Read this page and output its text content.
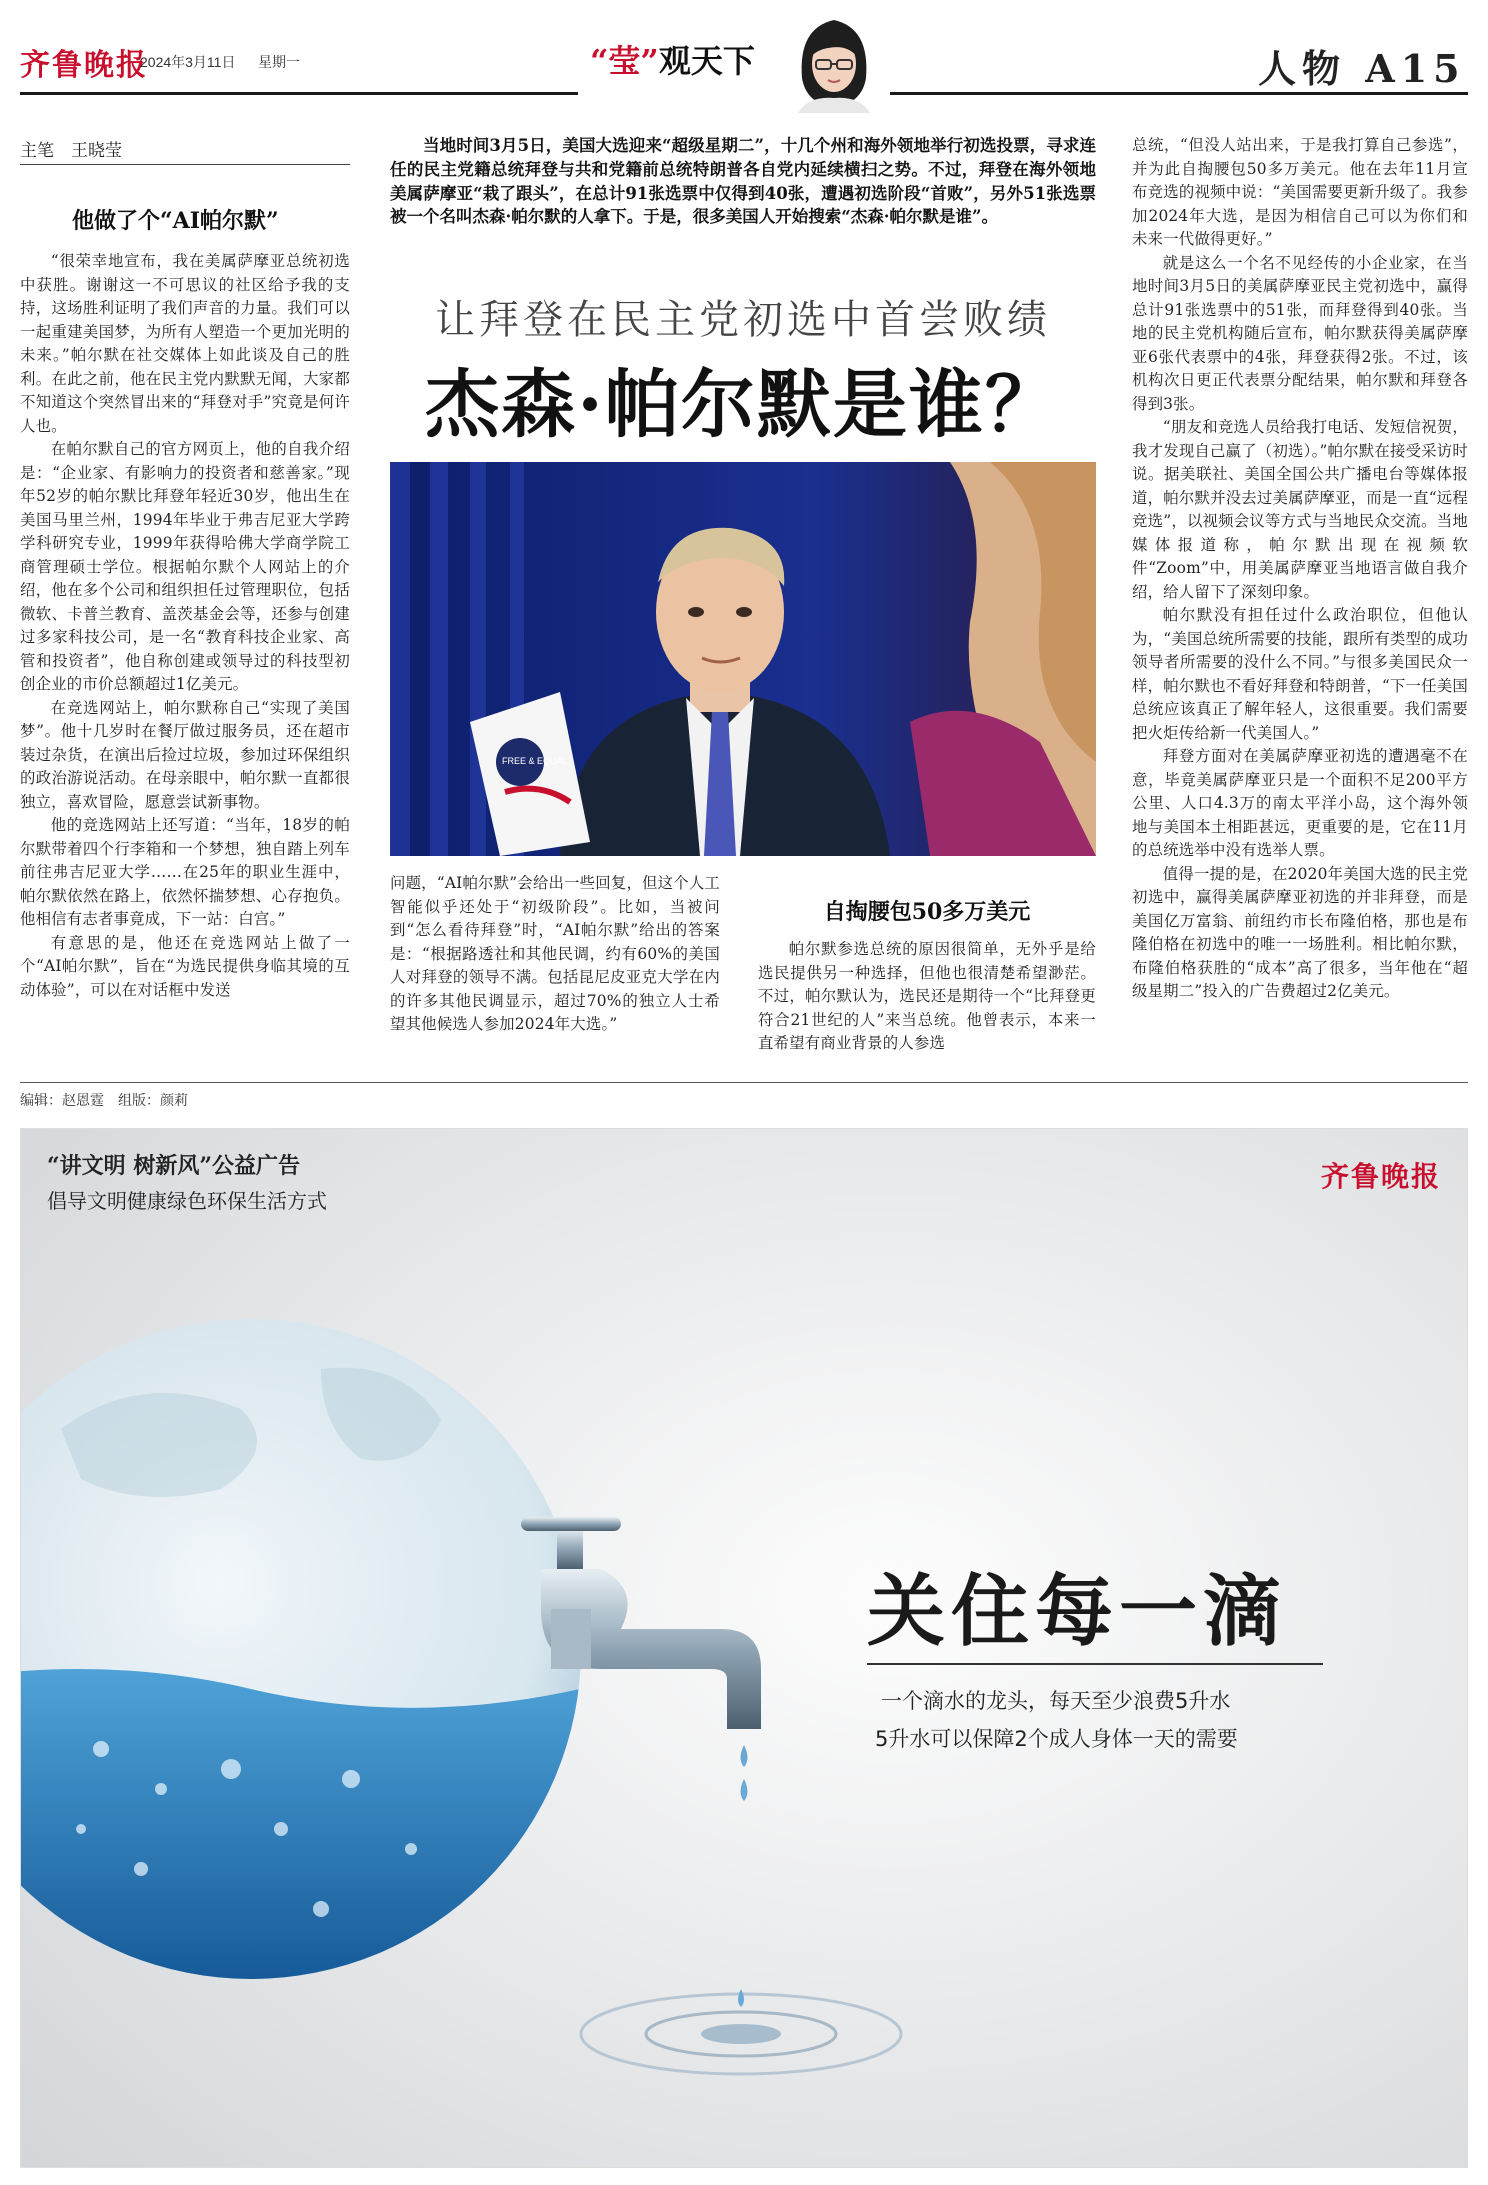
齐鲁晚报
2024年3月11日 星期一	“莹”观天下	人物 A15
主笔　王晓莹
他做了个“AI帕尔默”

“很荣幸地宣布，我在美属萨摩亚总统初选中获胜。谢谢这一不可思议的社区给予我的支持，这场胜利证明了我们声音的力量。我们可以一起重建美国梦，为所有人塑造一个更加光明的未来。”帕尔默在社交媒体上如此谈及自己的胜利。在此之前，他在民主党内默默无闻，大家都不知道这个突然冒出来的“拜登对手”究竟是何许人也。

在帕尔默自己的官方网页上，他的自我介绍是：“企业家、有影响力的投资者和慈善家。”现年52岁的帕尔默比拜登年轻近30岁，他出生在美国马里兰州，1994年毕业于弗吉尼亚大学跨学科研究专业，1999年获得哈佛大学商学院工商管理硕士学位。根据帕尔默个人网站上的介绍，他在多个公司和组织担任过管理职位，包括微软、卡普兰教育、盖茨基金会等，还参与创建过多家科技公司，是一名“教育科技企业家、高管和投资者”，他自称创建或领导过的科技型初创企业的市价总额超过1亿美元。

在竞选网站上，帕尔默称自己“实现了美国梦”。他十几岁时在餐厅做过服务员，还在超市装过杂货，在演出后捡过垃圾，参加过环保组织的政治游说活动。在母亲眼中，帕尔默一直都很独立，喜欢冒险，愿意尝试新事物。

他的竞选网站上还写道：“当年，18岁的帕尔默带着四个行李箱和一个梦想，独自踏上列车前往弗吉尼亚大学……在25年的职业生涯中，帕尔默依然在路上，依然怀揣梦想、心存抱负。他相信有志者事竟成，下一站：白宫。”

有意思的是，他还在竞选网站上做了一个“AI帕尔默”，旨在“为选民提供身临其境的互动体验”，可以在对话框中发送

当地时间3月5日，美国大选迎来“超级星期二”，十几个州和海外领地举行初选投票，寻求连任的民主党籍总统拜登与共和党籍前总统特朗普各自党内延续横扫之势。不过，拜登在海外领地美属萨摩亚“栽了跟头”，在总计91张选票中仅得到40张，遭遇初选阶段“首败”，另外51张选票被一个名叫杰森·帕尔默的人拿下。于是，很多美国人开始搜索“杰森·帕尔默是谁”。
让拜登在民主党初选中首尝败绩
杰森·帕尔默是谁？
FREE & EQUAL

问题，“AI帕尔默”会给出一些回复，但这个人工智能似乎还处于“初级阶段”。比如，当被问到“怎么看待拜登”时，“AI帕尔默”给出的答案是：“根据路透社和其他民调，约有60%的美国人对拜登的领导不满。包括昆尼皮亚克大学在内的许多其他民调显示，超过70%的独立人士希望其他候选人参加2024年大选。”

自掏腰包50多万美元

帕尔默参选总统的原因很简单，无外乎是给选民提供另一种选择，但他也很清楚希望渺茫。不过，帕尔默认为，选民还是期待一个“比拜登更符合21世纪的人”来当总统。他曾表示，本来一直希望有商业背景的人参选

总统，“但没人站出来，于是我打算自己参选”，并为此自掏腰包50多万美元。他在去年11月宣布竞选的视频中说：“美国需要更新升级了。我参加2024年大选，是因为相信自己可以为你们和未来一代做得更好。”

就是这么一个名不见经传的小企业家，在当地时间3月5日的美属萨摩亚民主党初选中，赢得总计91张选票中的51张，而拜登得到40张。当地的民主党机构随后宣布，帕尔默获得美属萨摩亚6张代表票中的4张，拜登获得2张。不过，该机构次日更正代表票分配结果，帕尔默和拜登各得到3张。

“朋友和竞选人员给我打电话、发短信祝贺，我才发现自己赢了（初选）。”帕尔默在接受采访时说。据美联社、美国全国公共广播电台等媒体报道，帕尔默并没去过美属萨摩亚，而是一直“远程竞选”，以视频会议等方式与当地民众交流。当地媒体报道称，帕尔默出现在视频软件“Zoom”中，用美属萨摩亚当地语言做自我介绍，给人留下了深刻印象。

帕尔默没有担任过什么政治职位，但他认为，“美国总统所需要的技能，跟所有类型的成功领导者所需要的没什么不同。”与很多美国民众一样，帕尔默也不看好拜登和特朗普，“下一任美国总统应该真正了解年轻人，这很重要。我们需要把火炬传给新一代美国人。”

拜登方面对在美属萨摩亚初选的遭遇毫不在意，毕竟美属萨摩亚只是一个面积不足200平方公里、人口4.3万的南太平洋小岛，这个海外领地与美国本土相距甚远，更重要的是，它在11月的总统选举中没有选举人票。

值得一提的是，在2020年美国大选的民主党初选中，赢得美属萨摩亚初选的并非拜登，而是美国亿万富翁、前纽约市长布隆伯格，那也是布隆伯格在初选中的唯一一场胜利。相比帕尔默，布隆伯格获胜的“成本”高了很多，当年他在“超级星期二”投入的广告费超过2亿美元。

编辑：赵恩霆　组版：颜莉
“讲文明 树新风”公益广告
倡导文明健康绿色环保生活方式
齐鲁晚报
关住每一滴
一个滴水的龙头，每天至少浪费5升水
5升水可以保障2个成人身体一天的需要
